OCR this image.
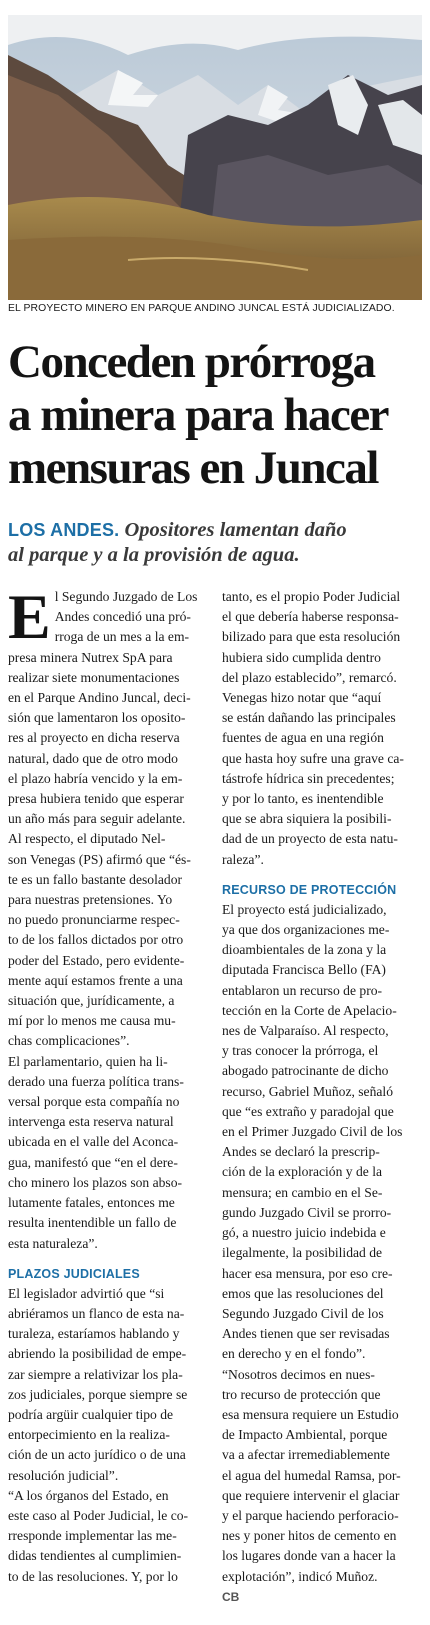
EL PROYECTO MINERO EN PARQUE ANDINO JUNCAL ESTÁ JUDICIALIZADO.
Conceden prórroga
a minera para hacer
mensuras en Juncal
LOS ANDES. Opositores lamentan daño
al parque y a la provisión de agua.
E l Segundo Juzgado de Los
Andes concedió una pró-
rroga de un mes a la em-
presa minera Nutrex SpA para
realizar siete monumentaciones
en el Parque Andino Juncal, deci-
sión que lamentaron los oposito-
res al proyecto en dicha reserva
natural, dado que de otro modo
el plazo habría vencido y la em-
presa hubiera tenido que esperar
un año más para seguir adelante.
Al respecto, el diputado Nel-
son Venegas (PS) afirmó que “és-
te es un fallo bastante desolador
para nuestras pretensiones. Yo
no puedo pronunciarme respec-
to de los fallos dictados por otro
poder del Estado, pero evidente-
mente aquí estamos frente a una
situación que, jurídicamente, a
mí por lo menos me causa mu-
chas complicaciones”.
El parlamentario, quien ha li-
derado una fuerza política trans-
versal porque esta compañía no
intervenga esta reserva natural
ubicada en el valle del Aconca-
gua, manifestó que “en el dere-
cho minero los plazos son abso-
lutamente fatales, entonces me
resulta inentendible un fallo de
esta naturaleza”.

PLAZOS JUDICIALES

El legislador advirtió que “si
abriéramos un flanco de esta na-
turaleza, estaríamos hablando y
abriendo la posibilidad de empe-
zar siempre a relativizar los pla-
zos judiciales, porque siempre se
podría argüir cualquier tipo de
entorpecimiento en la realiza-
ción de un acto jurídico o de una
resolución judicial”.
“A los órganos del Estado, en
este caso al Poder Judicial, le co-
rresponde implementar las me-
didas tendientes al cumplimien-
to de las resoluciones. Y, por lo

tanto, es el propio Poder Judicial
el que debería haberse responsa-
bilizado para que esta resolución
hubiera sido cumplida dentro
del plazo establecido”, remarcó.
Venegas hizo notar que “aquí
se están dañando las principales
fuentes de agua en una región
que hasta hoy sufre una grave ca-
tástrofe hídrica sin precedentes;
y por lo tanto, es inentendible
que se abra siquiera la posibili-
dad de un proyecto de esta natu-
raleza”.

RECURSO DE PROTECCIÓN

El proyecto está judicializado,
ya que dos organizaciones me-
dioambientales de la zona y la
diputada Francisca Bello (FA)
entablaron un recurso de pro-
tección en la Corte de Apelacio-
nes de Valparaíso. Al respecto,
y tras conocer la prórroga, el
abogado patrocinante de dicho
recurso, Gabriel Muñoz, señaló
que “es extraño y paradojal que
en el Primer Juzgado Civil de los
Andes se declaró la prescrip-
ción de la exploración y de la
mensura; en cambio en el Se-
gundo Juzgado Civil se prorro-
gó, a nuestro juicio indebida e
ilegalmente, la posibilidad de
hacer esa mensura, por eso cre-
emos que las resoluciones del
Segundo Juzgado Civil de los
Andes tienen que ser revisadas
en derecho y en el fondo”.
“Nosotros decimos en nues-
tro recurso de protección que
esa mensura requiere un Estudio
de Impacto Ambiental, porque
va a afectar irremediablemente
el agua del humedal Ramsa, por-
que requiere intervenir el glaciar
y el parque haciendo perforacio-
nes y poner hitos de cemento en
los lugares donde van a hacer la
explotación”, indicó Muñoz.

CB
